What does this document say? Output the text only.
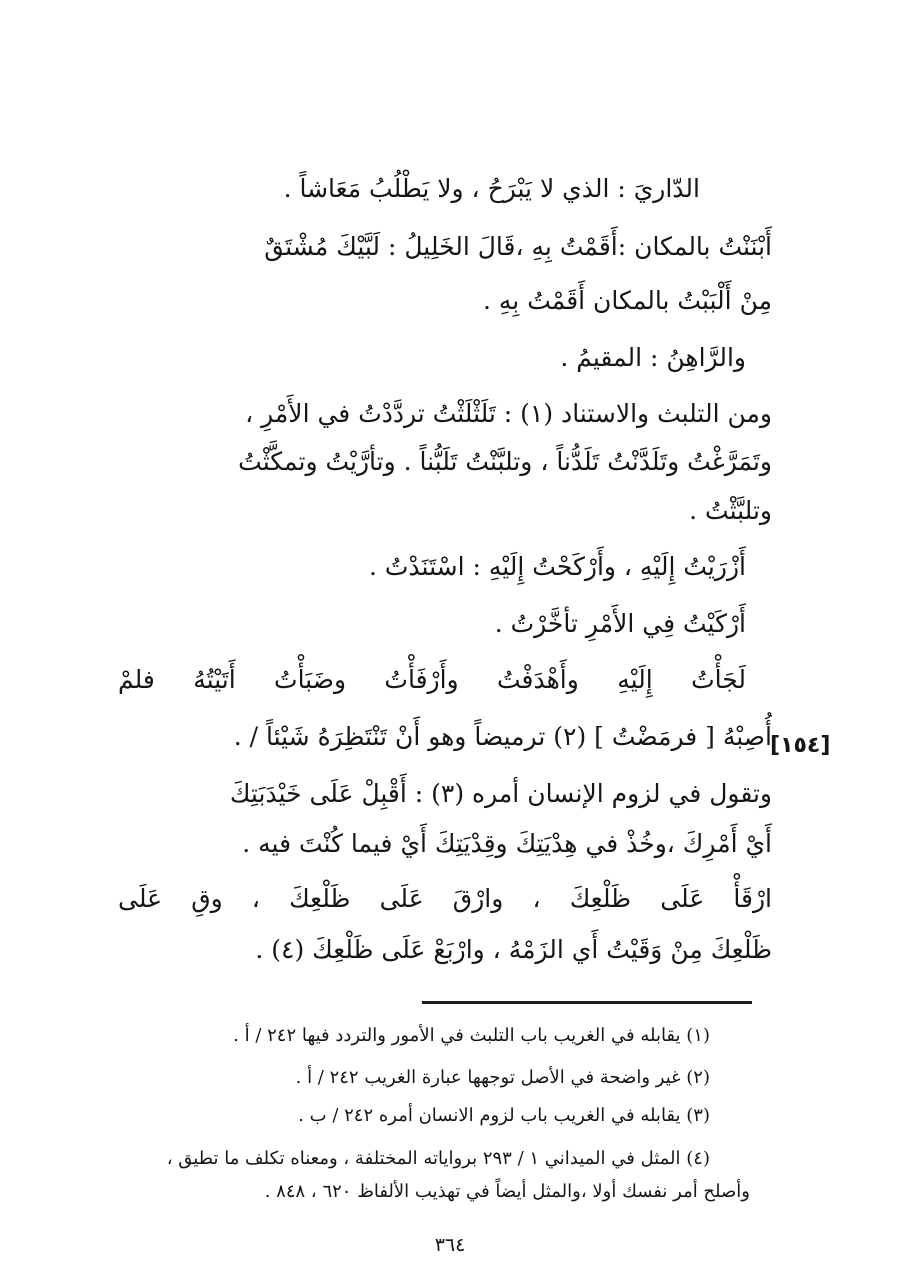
الدّاريَ : الذي لا يَبْرَحُ ، ولا يَطْلُبُ مَعَاشاً .
أَبْنَنْتُ بالمكان :أَقَمْتُ بِهِ ،قَالَ الخَلِيلُ : لَبَّيْكَ مُشْتَقٌ
مِنْ أَلْبَبْتُ بالمكان أَقَمْتُ بِهِ .
والرَّاهِنُ : المقيمُ .
ومن التلبث والاستناد (١) : تَلَثْلَثْتُ تردَّدْتُ في الأَمْرِ ،
وتَمَرَّغْتُ وتَلَدَّنْتُ تَلَدُّناً ، وتلبَّنْتُ تَلَبُّناً . وتأرَّيْتُ وتمكَّثْتُ
وتلبَّثْتُ .
أَزْرَيْتُ إِلَيْهِ ، وأَرْكَحْتُ إِلَيْهِ : اسْتَنَدْتُ .
أَرْكَيْتُ فِي الأَمْرِ تأخَّرْتُ .
لَجَأْتُ إِلَيْهِ وأَهْدَفْتُ وأَرْفَأْتُ وضَبَأْتُ أَتَيْتُهُ فلمْ
أُصِبْهُ [ فرمَضْتُ ] (٢) ترميضاً وهو أَنْ تَنْتَظِرَهُ شَيْئاً / .
[١٥٤]
وتقول في لزوم الإنسان أمره (٣) : أَقْبِلْ عَلَى خَيْدَبَتِكَ
أَيْ أَمْرِكَ ،وخُذْ في هِدْيَتِكَ وقِدْيَتِكَ أَيْ فيما كُنْتَ فيه .
ارْقَأْ عَلَى ظَلْعِكَ ، وارْقَ عَلَى ظَلْعِكَ ، وقِ عَلَى
ظَلْعِكَ مِنْ وَقَيْتُ أَي الزَمْهُ ، وارْبَعْ عَلَى ظَلْعِكَ (٤) .
(١) يقابله في الغريب باب التلبث في الأمور والتردد فيها ٢٤٢ / أ .
(٢) غير واضحة في الأصل توجهها عبارة الغريب ٢٤٢ / أ .
(٣) يقابله في الغريب باب لزوم الانسان أمره ٢٤٢ / ب .
(٤) المثل في الميداني ١ / ٢٩٣ برواياته المختلفة ، ومعناه تكلف ما تطيق ،
وأصلح أمر نفسك أولا ،والمثل أيضاً في تهذيب الألفاظ ٦٢٠ ، ٨٤٨ .
٣٦٤
